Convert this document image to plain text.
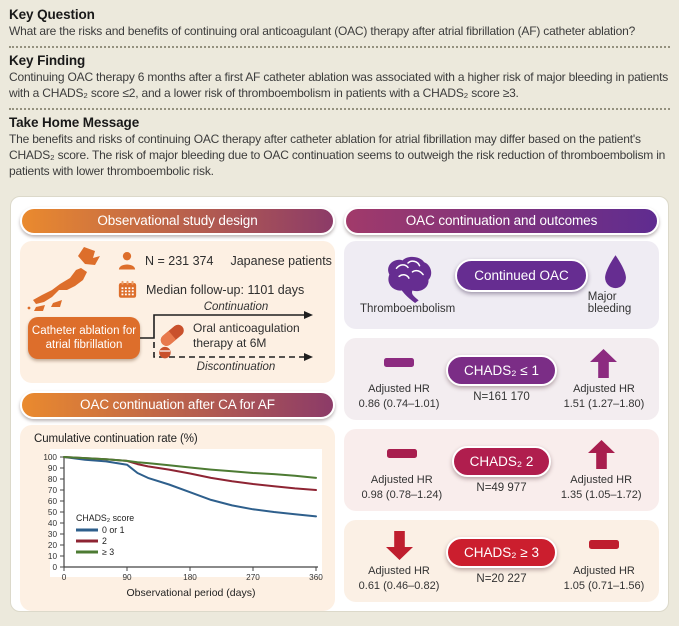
Key Question
What are the risks and benefits of continuing oral anticoagulant (OAC) therapy after atrial fibrillation (AF) catheter ablation?
Key Finding
Continuing OAC therapy 6 months after a first AF catheter ablation was associated with a higher risk of major bleeding in patients with a CHADS₂ score ≤2, and a lower risk of thromboembolism in patients with a CHADS₂ score ≥3.
Take Home Message
The benefits and risks of continuing OAC therapy after catheter ablation for atrial fibrillation may differ based on the patient's CHADS₂ score. The risk of major bleeding due to OAC continuation seems to outweigh the risk reduction of thromboembolism in patients with lower thromboembolic risk.
Observational study design
N = 231 374 Japanese patients
Median follow-up: 1101 days
Catheter ablation for atrial fibrillation
Continuation
Discontinuation
Oral anticoagulation therapy at 6M
OAC continuation after CA for AF
Cumulative continuation rate (%)
0
10
20
30
40
50
60
70
80
90
100
0	90	180	270	360
Observational period (days)
CHADS₂ score
0 or 1
2
≥ 3
OAC continuation and outcomes
Thromboembolism
Continued OAC
Major bleeding
Adjusted HR
0.86 (0.74–1.01)
CHADS₂ ≤ 1
N=161 170
Adjusted HR
1.51 (1.27–1.80)
Adjusted HR
0.98 (0.78–1.24)
CHADS₂ 2
N=49 977
Adjusted HR
1.35 (1.05–1.72)
Adjusted HR
0.61 (0.46–0.82)
CHADS₂ ≥ 3
N=20 227
Adjusted HR
1.05 (0.71–1.56)
